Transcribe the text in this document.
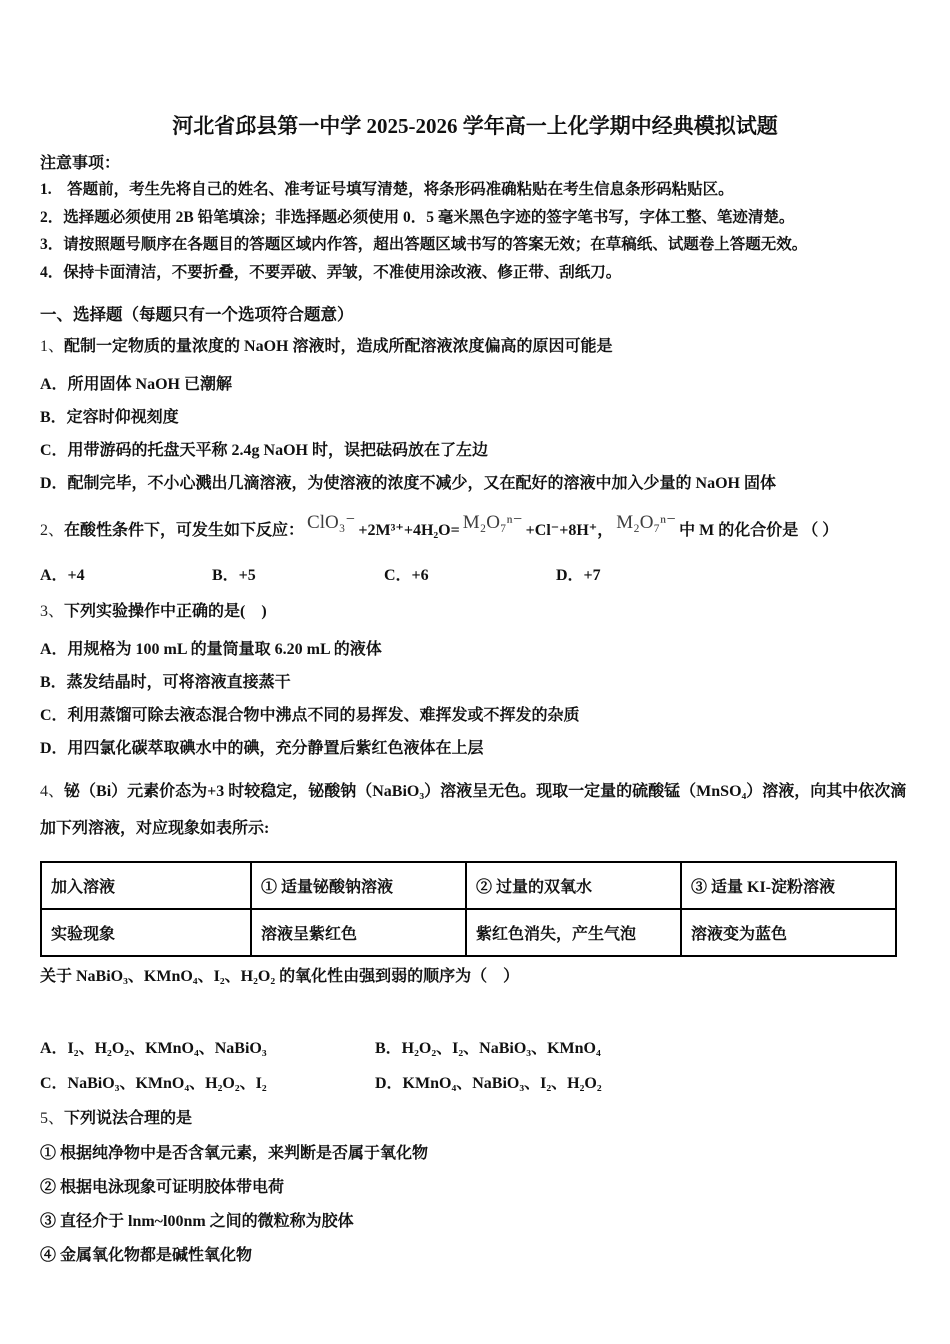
河北省邱县第一中学 2025-2026 学年高一上化学期中经典模拟试题

注意事项：

1.　答题前，考生先将自己的姓名、准考证号填写清楚，将条形码准确粘贴在考生信息条形码粘贴区。

2．选择题必须使用 2B 铅笔填涂；非选择题必须使用 0．5 毫米黑色字迹的签字笔书写，字体工整、笔迹清楚。

3．请按照题号顺序在各题目的答题区域内作答，超出答题区域书写的答案无效；在草稿纸、试题卷上答题无效。

4．保持卡面清洁，不要折叠，不要弄破、弄皱，不准使用涂改液、修正带、刮纸刀。

一、选择题（每题只有一个选项符合题意）

1、配制一定物质的量浓度的 NaOH 溶液时，造成所配溶液浓度偏高的原因可能是

A．所用固体 NaOH 已潮解

B．定容时仰视刻度

C．用带游码的托盘天平称 2.4g NaOH 时，误把砝码放在了左边

D．配制完毕，不小心溅出几滴溶液，为使溶液的浓度不减少，又在配好的溶液中加入少量的 NaOH 固体

2、在酸性条件下，可发生如下反应： ClO₃⁻ +2M³⁺+4H₂O= M₂O₇ⁿ⁻ +Cl⁻+8H⁺， M₂O₇ⁿ⁻ 中 M 的化合价是 （ ）

A．+4	B．+5	C．+6	D．+7

3、下列实验操作中正确的是(　)

A．用规格为 100 mL 的量筒量取 6.20 mL 的液体

B．蒸发结晶时，可将溶液直接蒸干

C．利用蒸馏可除去液态混合物中沸点不同的易挥发、难挥发或不挥发的杂质

D．用四氯化碳萃取碘水中的碘，充分静置后紫红色液体在上层

4、铋（Bi）元素价态为+3 时较稳定，铋酸钠（NaBiO₃）溶液呈无色。现取一定量的硫酸锰（MnSO₄）溶液，向其中依次滴加下列溶液，对应现象如表所示:

加入溶液	① 适量铋酸钠溶液	② 过量的双氧水	③ 适量 KI-淀粉溶液
实验现象	溶液呈紫红色	紫红色消失，产生气泡	溶液变为蓝色

关于 NaBiO₃、KMnO₄、I₂、H₂O₂ 的氧化性由强到弱的顺序为（　）

A．I₂、H₂O₂、KMnO₄、NaBiO₃	B．H₂O₂、I₂、NaBiO₃、KMnO₄
C．NaBiO₃、KMnO₄、H₂O₂、I₂	D．KMnO₄、NaBiO₃、I₂、H₂O₂

5、下列说法合理的是

① 根据纯净物中是否含氧元素，来判断是否属于氧化物

② 根据电泳现象可证明胶体带电荷

③ 直径介于 lnm~l00nm 之间的微粒称为胶体

④ 金属氧化物都是碱性氧化物
